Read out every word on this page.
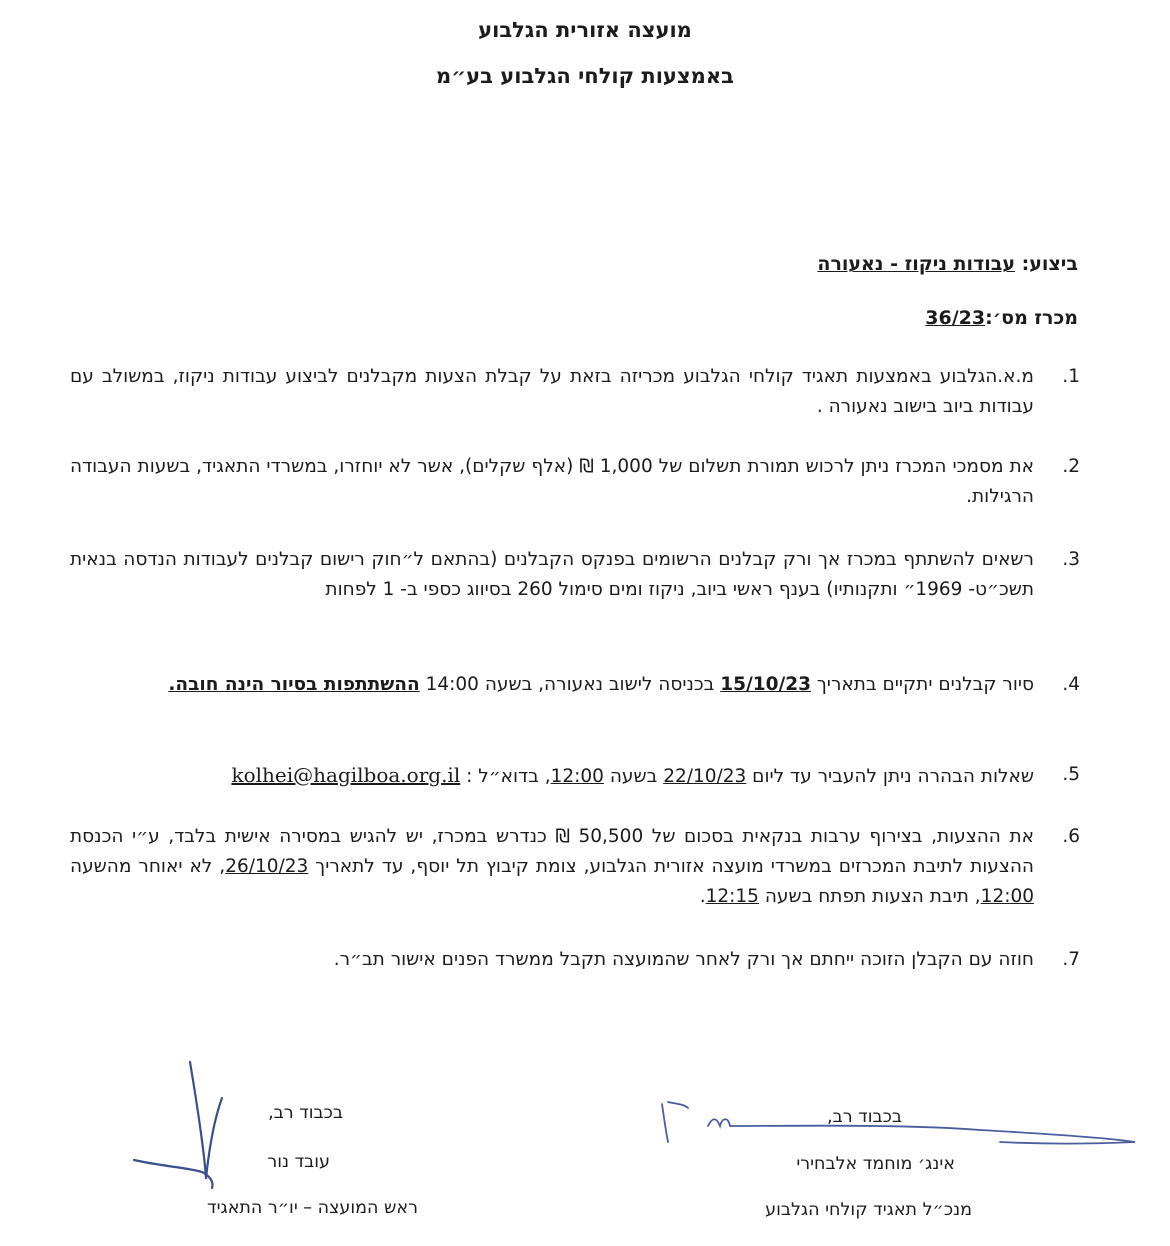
מועצה אזורית הגלבוע
באמצעות קולחי הגלבוע בע״מ
ביצוע: עבודות ניקוז - נאעורה
מכרז מס׳:36/23
1.
מ.א.הגלבוע באמצעות תאגיד קולחי הגלבוע מכריזה בזאת על קבלת הצעות מקבלנים לביצוע עבודות ניקוז, במשולב עם עבודות ביוב בישוב נאעורה .
2.
את מסמכי המכרז ניתן לרכוש תמורת תשלום של 1,000 ₪ (אלף שקלים), אשר לא יוחזרו, במשרדי התאגיד, בשעות העבודה הרגילות.
3.
רשאים להשתתף במכרז אך ורק קבלנים הרשומים בפנקס הקבלנים (בהתאם ל״חוק רישום קבלנים לעבודות הנדסה בנאית תשכ״ט- 1969״ ותקנותיו) בענף ראשי ביוב, ניקוז ומים סימול 260 בסיווג כספי ב- 1 לפחות
4.
סיור קבלנים יתקיים בתאריך 15/10/23 בכניסה לישוב נאעורה, בשעה 14:00 ההשתתפות בסיור הינה חובה.
5.
שאלות הבהרה ניתן להעביר עד ליום 22/10/23 בשעה 12:00, בדוא״ל : kolhei@hagilboa.org.il
6.
את ההצעות, בצירוף ערבות בנקאית בסכום של 50,500 ₪ כנדרש במכרז, יש להגיש במסירה אישית בלבד, ע״י הכנסת ההצעות לתיבת המכרזים במשרדי מועצה אזורית הגלבוע, צומת קיבוץ תל יוסף, עד לתאריך 26/10/23, לא יאוחר מהשעה 12:00, תיבת הצעות תפתח בשעה 12:15.
7.
חוזה עם הקבלן הזוכה ייחתם אך ורק לאחר שהמועצה תקבל ממשרד הפנים אישור תב״ר.
בכבוד רב,
עובד נור
ראש המועצה – יו״ר התאגיד
בכבוד רב,
אינג׳ מוחמד אלבחירי
מנכ״ל תאגיד קולחי הגלבוע
